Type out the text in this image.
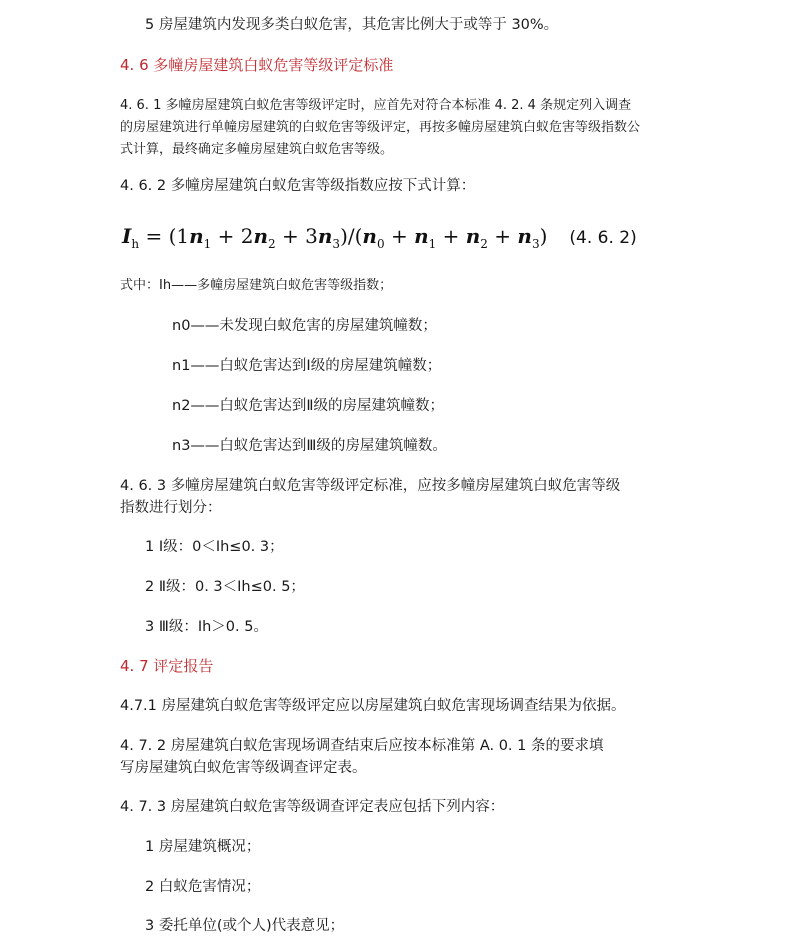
5 房屋建筑内发现多类白蚁危害，其危害比例大于或等于 30%。
4. 6 多幢房屋建筑白蚁危害等级评定标准
4. 6. 1 多幢房屋建筑白蚁危害等级评定时，应首先对符合本标准 4. 2. 4 条规定列入调查
的房屋建筑进行单幢房屋建筑的白蚁危害等级评定，再按多幢房屋建筑白蚁危害等级指数公
式计算，最终确定多幢房屋建筑白蚁危害等级。
4. 6. 2 多幢房屋建筑白蚁危害等级指数应按下式计算：
$I_h = (1n_1 + 2n_2 + 3n_3)/(n_0 + n_1 + n_2 + n_3)$ (4. 6. 2)
式中：Ih——多幢房屋建筑白蚁危害等级指数；
n0——未发现白蚁危害的房屋建筑幢数；
n1——白蚁危害达到Ⅰ级的房屋建筑幢数；
n2——白蚁危害达到Ⅱ级的房屋建筑幢数；
n3——白蚁危害达到Ⅲ级的房屋建筑幢数。
4. 6. 3 多幢房屋建筑白蚁危害等级评定标准，应按多幢房屋建筑白蚁危害等级
指数进行划分：
1 Ⅰ级：0＜Ih≤0. 3；
2 Ⅱ级：0. 3＜Ih≤0. 5；
3 Ⅲ级：Ih＞0. 5。
4. 7 评定报告
4.7.1 房屋建筑白蚁危害等级评定应以房屋建筑白蚁危害现场调查结果为依据。
4. 7. 2 房屋建筑白蚁危害现场调查结束后应按本标准第 A. 0. 1 条的要求填
写房屋建筑白蚁危害等级调查评定表。
4. 7. 3 房屋建筑白蚁危害等级调查评定表应包括下列内容：
1 房屋建筑概况；
2 白蚁危害情况；
3 委托单位(或个人)代表意见；
